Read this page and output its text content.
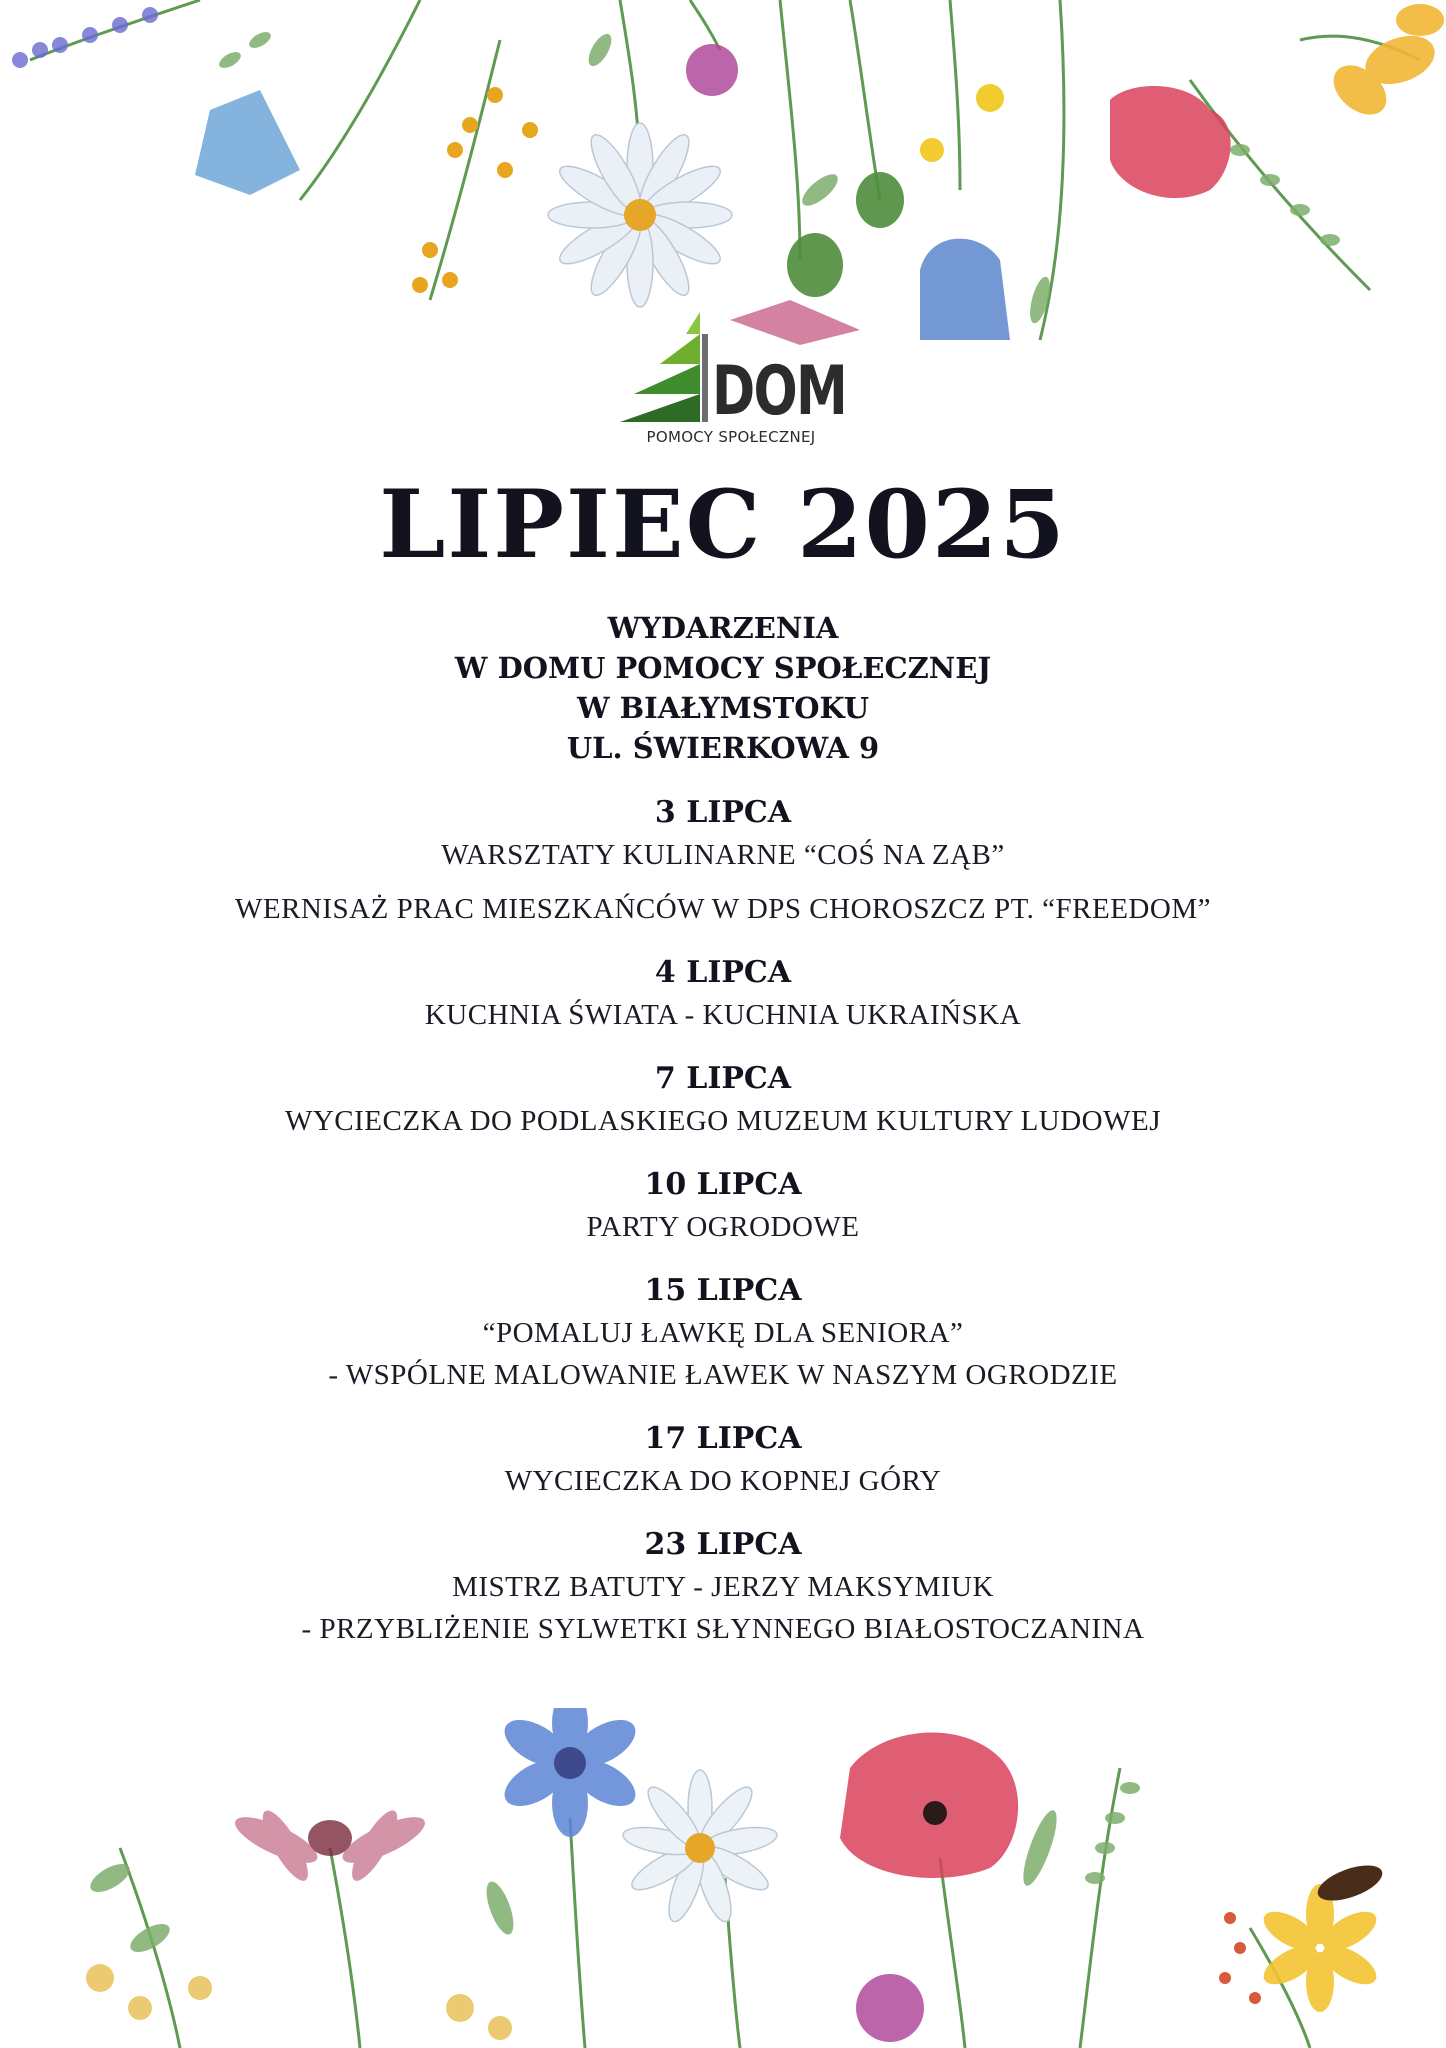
DOM
POMOCY SPOŁECZNEJ
LIPIEC 2025
WYDARZENIA
W DOMU POMOCY SPOŁECZNEJ
W BIAŁYMSTOKU
UL. ŚWIERKOWA 9
3 LIPCA
WARSZTATY KULINARNE “COŚ NA ZĄB”
WERNISAŻ PRAC MIESZKAŃCÓW W DPS CHOROSZCZ PT. “FREEDOM”
4 LIPCA
KUCHNIA ŚWIATA - KUCHNIA UKRAIŃSKA
7 LIPCA
WYCIECZKA DO PODLASKIEGO MUZEUM KULTURY LUDOWEJ
10 LIPCA
PARTY OGRODOWE
15 LIPCA
“POMALUJ ŁAWKĘ DLA SENIORA”
- WSPÓLNE MALOWANIE ŁAWEK W NASZYM OGRODZIE
17 LIPCA
WYCIECZKA DO KOPNEJ GÓRY
23 LIPCA
MISTRZ BATUTY - JERZY MAKSYMIUK
- PRZYBLIŻENIE SYLWETKI SŁYNNEGO BIAŁOSTOCZANINA
